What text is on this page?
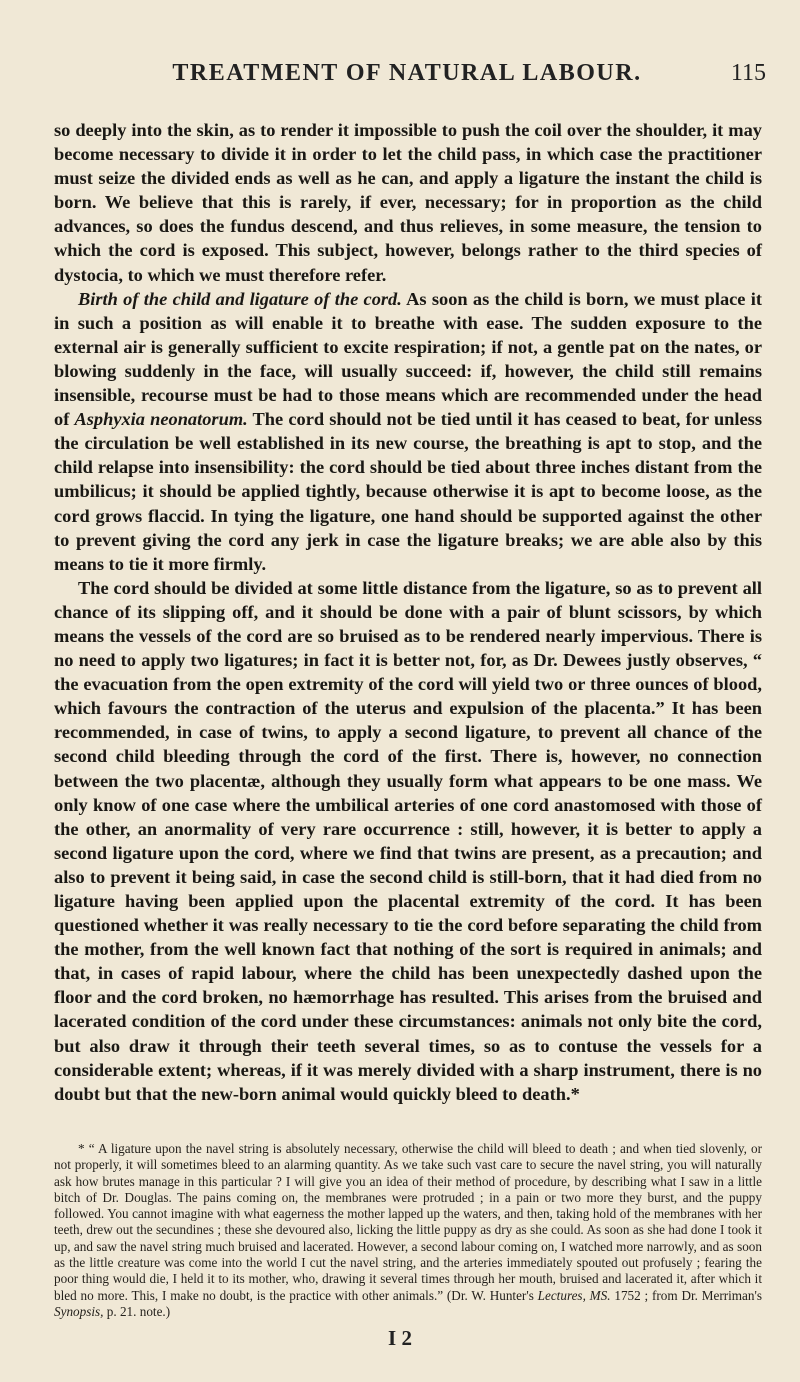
TREATMENT OF NATURAL LABOUR.	115

so deeply into the skin, as to render it impossible to push the coil over the shoulder, it may become necessary to divide it in order to let the child pass, in which case the practitioner must seize the divided ends as well as he can, and apply a ligature the instant the child is born. We believe that this is rarely, if ever, necessary; for in proportion as the child advances, so does the fundus descend, and thus relieves, in some measure, the tension to which the cord is exposed. This subject, however, belongs rather to the third species of dystocia, to which we must therefore refer.

Birth of the child and ligature of the cord. As soon as the child is born, we must place it in such a position as will enable it to breathe with ease. The sudden exposure to the external air is generally sufficient to excite respiration; if not, a gentle pat on the nates, or blowing suddenly in the face, will usually succeed: if, however, the child still remains insensible, recourse must be had to those means which are recommended under the head of Asphyxia neonatorum. The cord should not be tied until it has ceased to beat, for unless the circulation be well established in its new course, the breathing is apt to stop, and the child relapse into insensibility: the cord should be tied about three inches distant from the umbilicus; it should be applied tightly, because otherwise it is apt to become loose, as the cord grows flaccid. In tying the ligature, one hand should be supported against the other to prevent giving the cord any jerk in case the ligature breaks; we are able also by this means to tie it more firmly.

The cord should be divided at some little distance from the ligature, so as to prevent all chance of its slipping off, and it should be done with a pair of blunt scissors, by which means the vessels of the cord are so bruised as to be rendered nearly impervious. There is no need to apply two ligatures; in fact it is better not, for, as Dr. Dewees justly observes, “ the evacuation from the open extremity of the cord will yield two or three ounces of blood, which favours the contraction of the uterus and expulsion of the placenta.” It has been recommended, in case of twins, to apply a second ligature, to prevent all chance of the second child bleeding through the cord of the first. There is, however, no connection between the two placentæ, although they usually form what appears to be one mass. We only know of one case where the umbilical arteries of one cord anastomosed with those of the other, an anormality of very rare occurrence : still, however, it is better to apply a second ligature upon the cord, where we find that twins are present, as a precaution; and also to prevent it being said, in case the second child is still-born, that it had died from no ligature having been applied upon the placental extremity of the cord. It has been questioned whether it was really necessary to tie the cord before separating the child from the mother, from the well known fact that nothing of the sort is required in animals; and that, in cases of rapid labour, where the child has been unexpectedly dashed upon the floor and the cord broken, no hæmorrhage has resulted. This arises from the bruised and lacerated condition of the cord under these circumstances: animals not only bite the cord, but also draw it through their teeth several times, so as to contuse the vessels for a considerable extent; whereas, if it was merely divided with a sharp instrument, there is no doubt but that the new-born animal would quickly bleed to death.*

* “ A ligature upon the navel string is absolutely necessary, otherwise the child will bleed to death ; and when tied slovenly, or not properly, it will sometimes bleed to an alarming quantity. As we take such vast care to secure the navel string, you will naturally ask how brutes manage in this particular ? I will give you an idea of their method of procedure, by describing what I saw in a little bitch of Dr. Douglas. The pains coming on, the membranes were protruded ; in a pain or two more they burst, and the puppy followed. You cannot imagine with what eagerness the mother lapped up the waters, and then, taking hold of the membranes with her teeth, drew out the secundines ; these she devoured also, licking the little puppy as dry as she could. As soon as she had done I took it up, and saw the navel string much bruised and lacerated. However, a second labour coming on, I watched more narrowly, and as soon as the little creature was come into the world I cut the navel string, and the arteries immediately spouted out profusely ; fearing the poor thing would die, I held it to its mother, who, drawing it several times through her mouth, bruised and lacerated it, after which it bled no more. This, I make no doubt, is the practice with other animals.” (Dr. W. Hunter's Lectures, MS. 1752 ; from Dr. Merriman's Synopsis, p. 21. note.)

I 2
